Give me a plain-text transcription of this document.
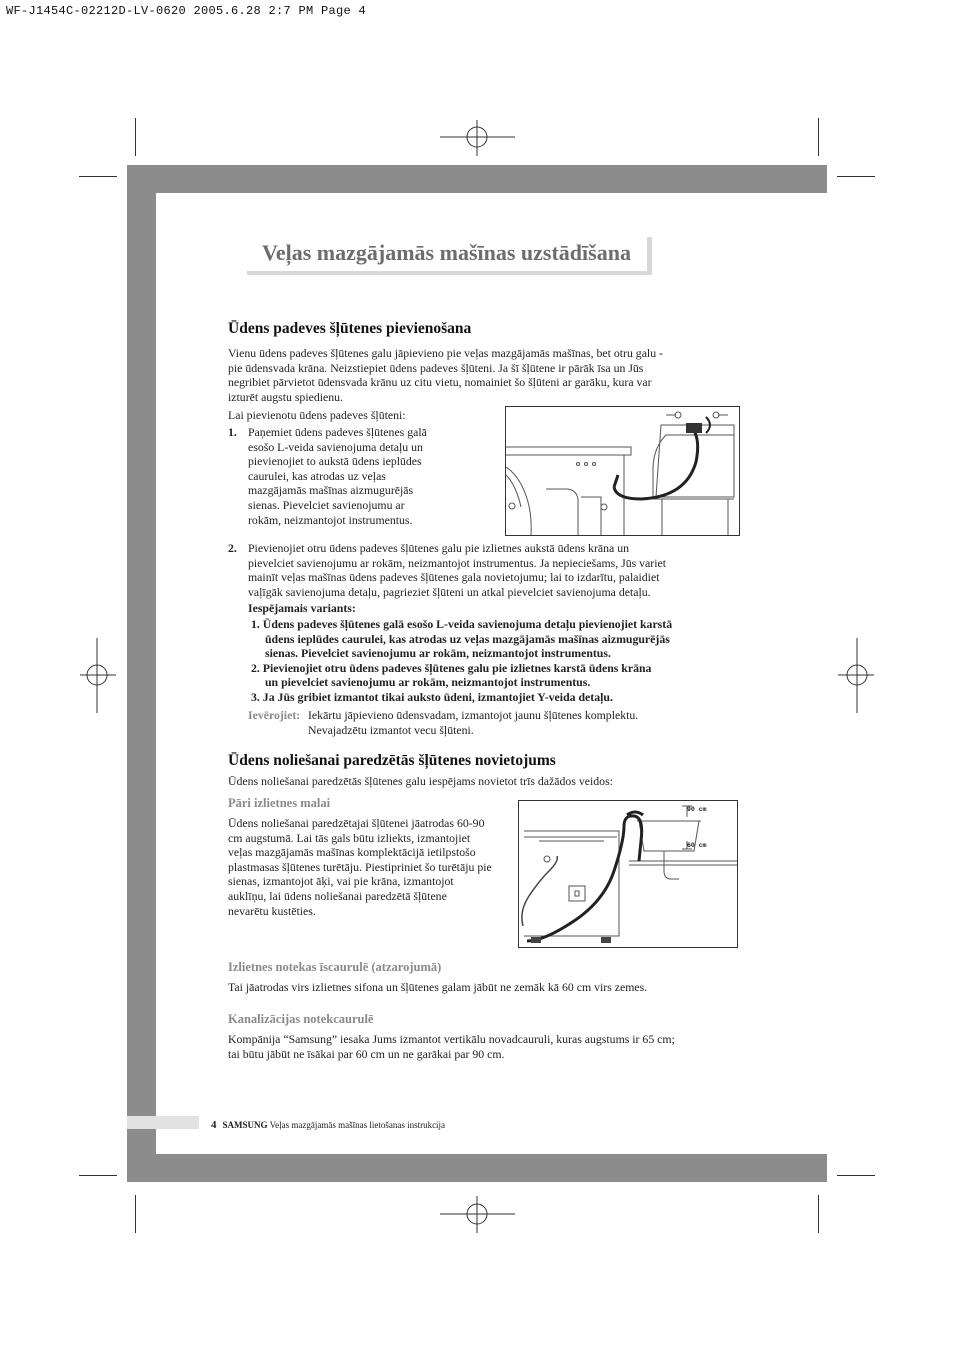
WF-J1454C-02212D-LV-0620 2005.6.28 2:7 PM Page 4
Veļas mazgājamās mašīnas uzstādīšana
Ūdens padeves šļūtenes pievienošana
Vienu ūdens padeves šļūtenes galu jāpievieno pie veļas mazgājamās mašīnas, bet otru galu -
pie ūdensvada krāna. Neizstiepiet ūdens padeves šļūteni. Ja šī šļūtene ir pārāk īsa un Jūs
negribiet pārvietot ūdensvada krānu uz citu vietu, nomainiet šo šļūteni ar garāku, kura var
izturēt augstu spiedienu.
Lai pievienotu ūdens padeves šļūteni:
1. Paņemiet ūdens padeves šļūtenes galā
esošo L-veida savienojuma detaļu un
pievienojiet to aukstā ūdens ieplūdes
caurulei, kas atrodas uz veļas
mazgājamās mašīnas aizmugurējās
sienas. Pievelciet savienojumu ar
rokām, neizmantojot instrumentus.
2. Pievienojiet otru ūdens padeves šļūtenes galu pie izlietnes aukstā ūdens krāna un
pievelciet savienojumu ar rokām, neizmantojot instrumentus. Ja nepieciešams, Jūs variet
mainīt veļas mašīnas ūdens padeves šļūtenes gala novietojumu; lai to izdarītu, palaidiet
vaļīgāk savienojuma detaļu, pagrieziet šļūteni un atkal pievelciet savienojuma detaļu.
Iespējamais variants:
1. Ūdens padeves šļūtenes galā esošo L-veida savienojuma detaļu pievienojiet karstā
ūdens ieplūdes caurulei, kas atrodas uz veļas mazgājamās mašīnas aizmugurējās
sienas. Pievelciet savienojumu ar rokām, neizmantojot instrumentus.
2. Pievienojiet otru ūdens padeves šļūtenes galu pie izlietnes karstā ūdens krāna
un pievelciet savienojumu ar rokām, neizmantojot instrumentus.
3. Ja Jūs gribiet izmantot tikai auksto ūdeni, izmantojiet Y-veida detaļu.
Ievērojiet: Iekārtu jāpievieno ūdensvadam, izmantojot jaunu šļūtenes komplektu.
Nevajadzētu izmantot vecu šļūteni.
Ūdens noliešanai paredzētās šļūtenes novietojums
Ūdens noliešanai paredzētās šļūtenes galu iespējams novietot trīs dažādos veidos:
Pāri izlietnes malai
Ūdens noliešanai paredzētajai šļūtenei jāatrodas 60-90
cm augstumā. Lai tās gals būtu izliekts, izmantojiet
veļas mazgājamās mašīnas komplektācijā ietilpstošo
plastmasas šļūtenes turētāju. Piestipriniet šo turētāju pie
sienas, izmantojot āķi, vai pie krāna, izmantojot
auklīņu, lai ūdens noliešanai paredzētā šļūtene
nevarētu kustēties.
90 cm
60 cm
Izlietnes notekas īscaurulē (atzarojumā)
Tai jāatrodas virs izlietnes sifona un šļūtenes galam jābūt ne zemāk kā 60 cm virs zemes.
Kanalizācijas notekcaurulē
Kompānija “Samsung” iesaka Jums izmantot vertikālu novadcauruli, kuras augstums ir 65 cm;
tai būtu jābūt ne īsākai par 60 cm un ne garākai par 90 cm.
4 SAMSUNG Veļas mazgājamās mašīnas lietošanas instrukcija
